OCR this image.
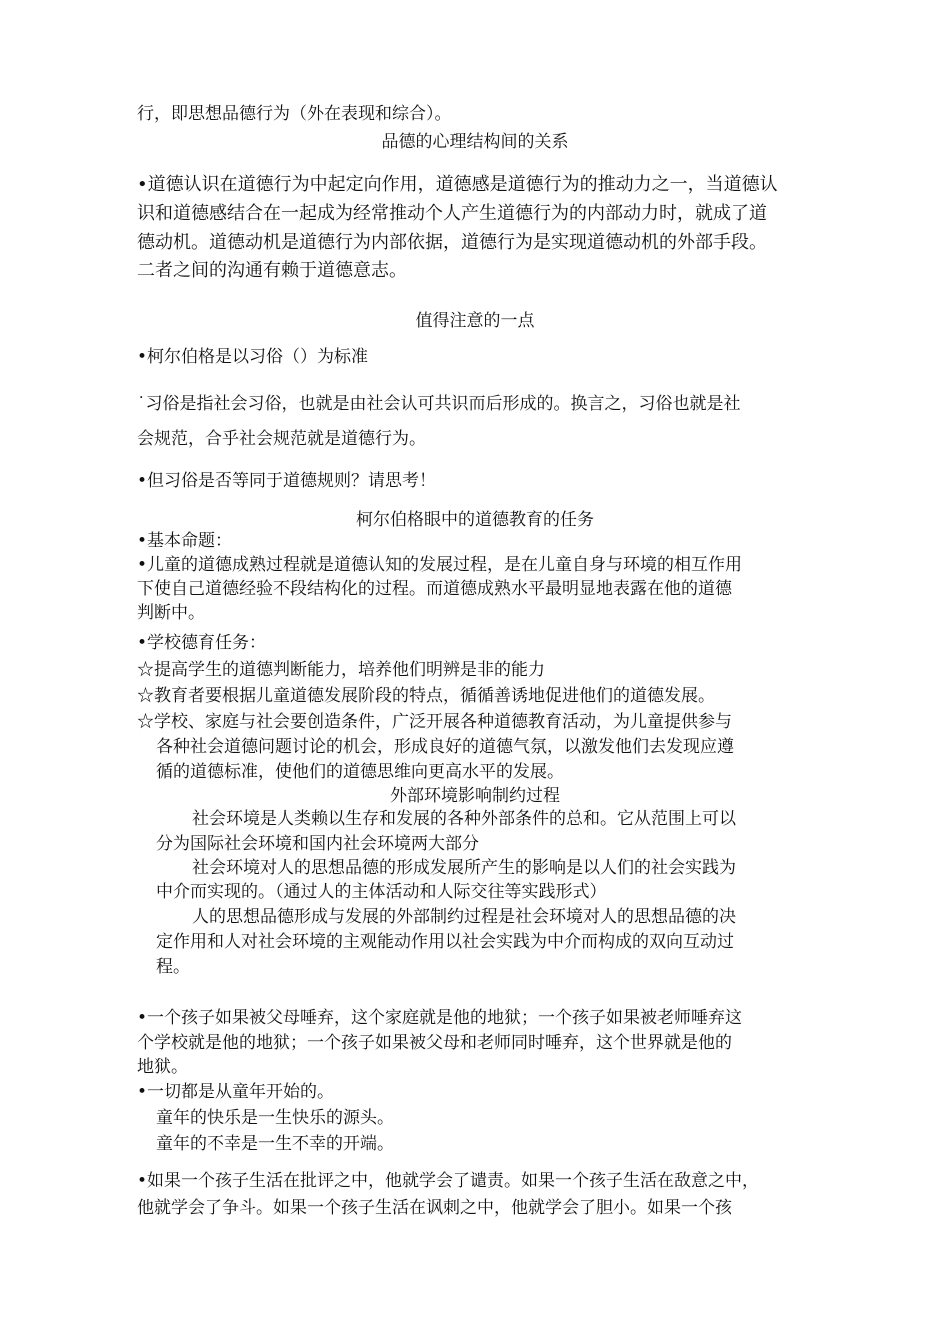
行，即思想品德行为（外在表现和综合）。
品德的心理结构间的关系
•道德认识在道德行为中起定向作用，道德感是道德行为的推动力之一，当道德认
识和道德感结合在一起成为经常推动个人产生道德行为的内部动力时，就成了道
德动机。道德动机是道德行为内部依据，道德行为是实现道德动机的外部手段。
二者之间的沟通有赖于道德意志。
值得注意的一点
•柯尔伯格是以习俗（）为标准
˙习俗是指社会习俗，也就是由社会认可共识而后形成的。换言之，习俗也就是社
会规范，合乎社会规范就是道德行为。
•但习俗是否等同于道德规则？请思考！
柯尔伯格眼中的道德教育的任务
•基本命题：
•儿童的道德成熟过程就是道德认知的发展过程，是在儿童自身与环境的相互作用
下使自己道德经验不段结构化的过程。而道德成熟水平最明显地表露在他的道德
判断中。
•学校德育任务：
☆提高学生的道德判断能力，培养他们明辨是非的能力
☆教育者要根据儿童道德发展阶段的特点，循循善诱地促进他们的道德发展。
☆学校、家庭与社会要创造条件，广泛开展各种道德教育活动，为儿童提供参与
各种社会道德问题讨论的机会，形成良好的道德气氛，以激发他们去发现应遵
循的道德标准，使他们的道德思维向更高水平的发展。
外部环境影响制约过程
社会环境是人类赖以生存和发展的各种外部条件的总和。它从范围上可以
分为国际社会环境和国内社会环境两大部分
社会环境对人的思想品德的形成发展所产生的影响是以人们的社会实践为
中介而实现的。（通过人的主体活动和人际交往等实践形式）
人的思想品德形成与发展的外部制约过程是社会环境对人的思想品德的决
定作用和人对社会环境的主观能动作用以社会实践为中介而构成的双向互动过
程。
•一个孩子如果被父母唾弃，这个家庭就是他的地狱；一个孩子如果被老师唾弃这
个学校就是他的地狱；一个孩子如果被父母和老师同时唾弃，这个世界就是他的
地狱。
•一切都是从童年开始的。
童年的快乐是一生快乐的源头。
童年的不幸是一生不幸的开端。
•如果一个孩子生活在批评之中，他就学会了谴责。如果一个孩子生活在敌意之中，
他就学会了争斗。如果一个孩子生活在讽刺之中，他就学会了胆小。如果一个孩
